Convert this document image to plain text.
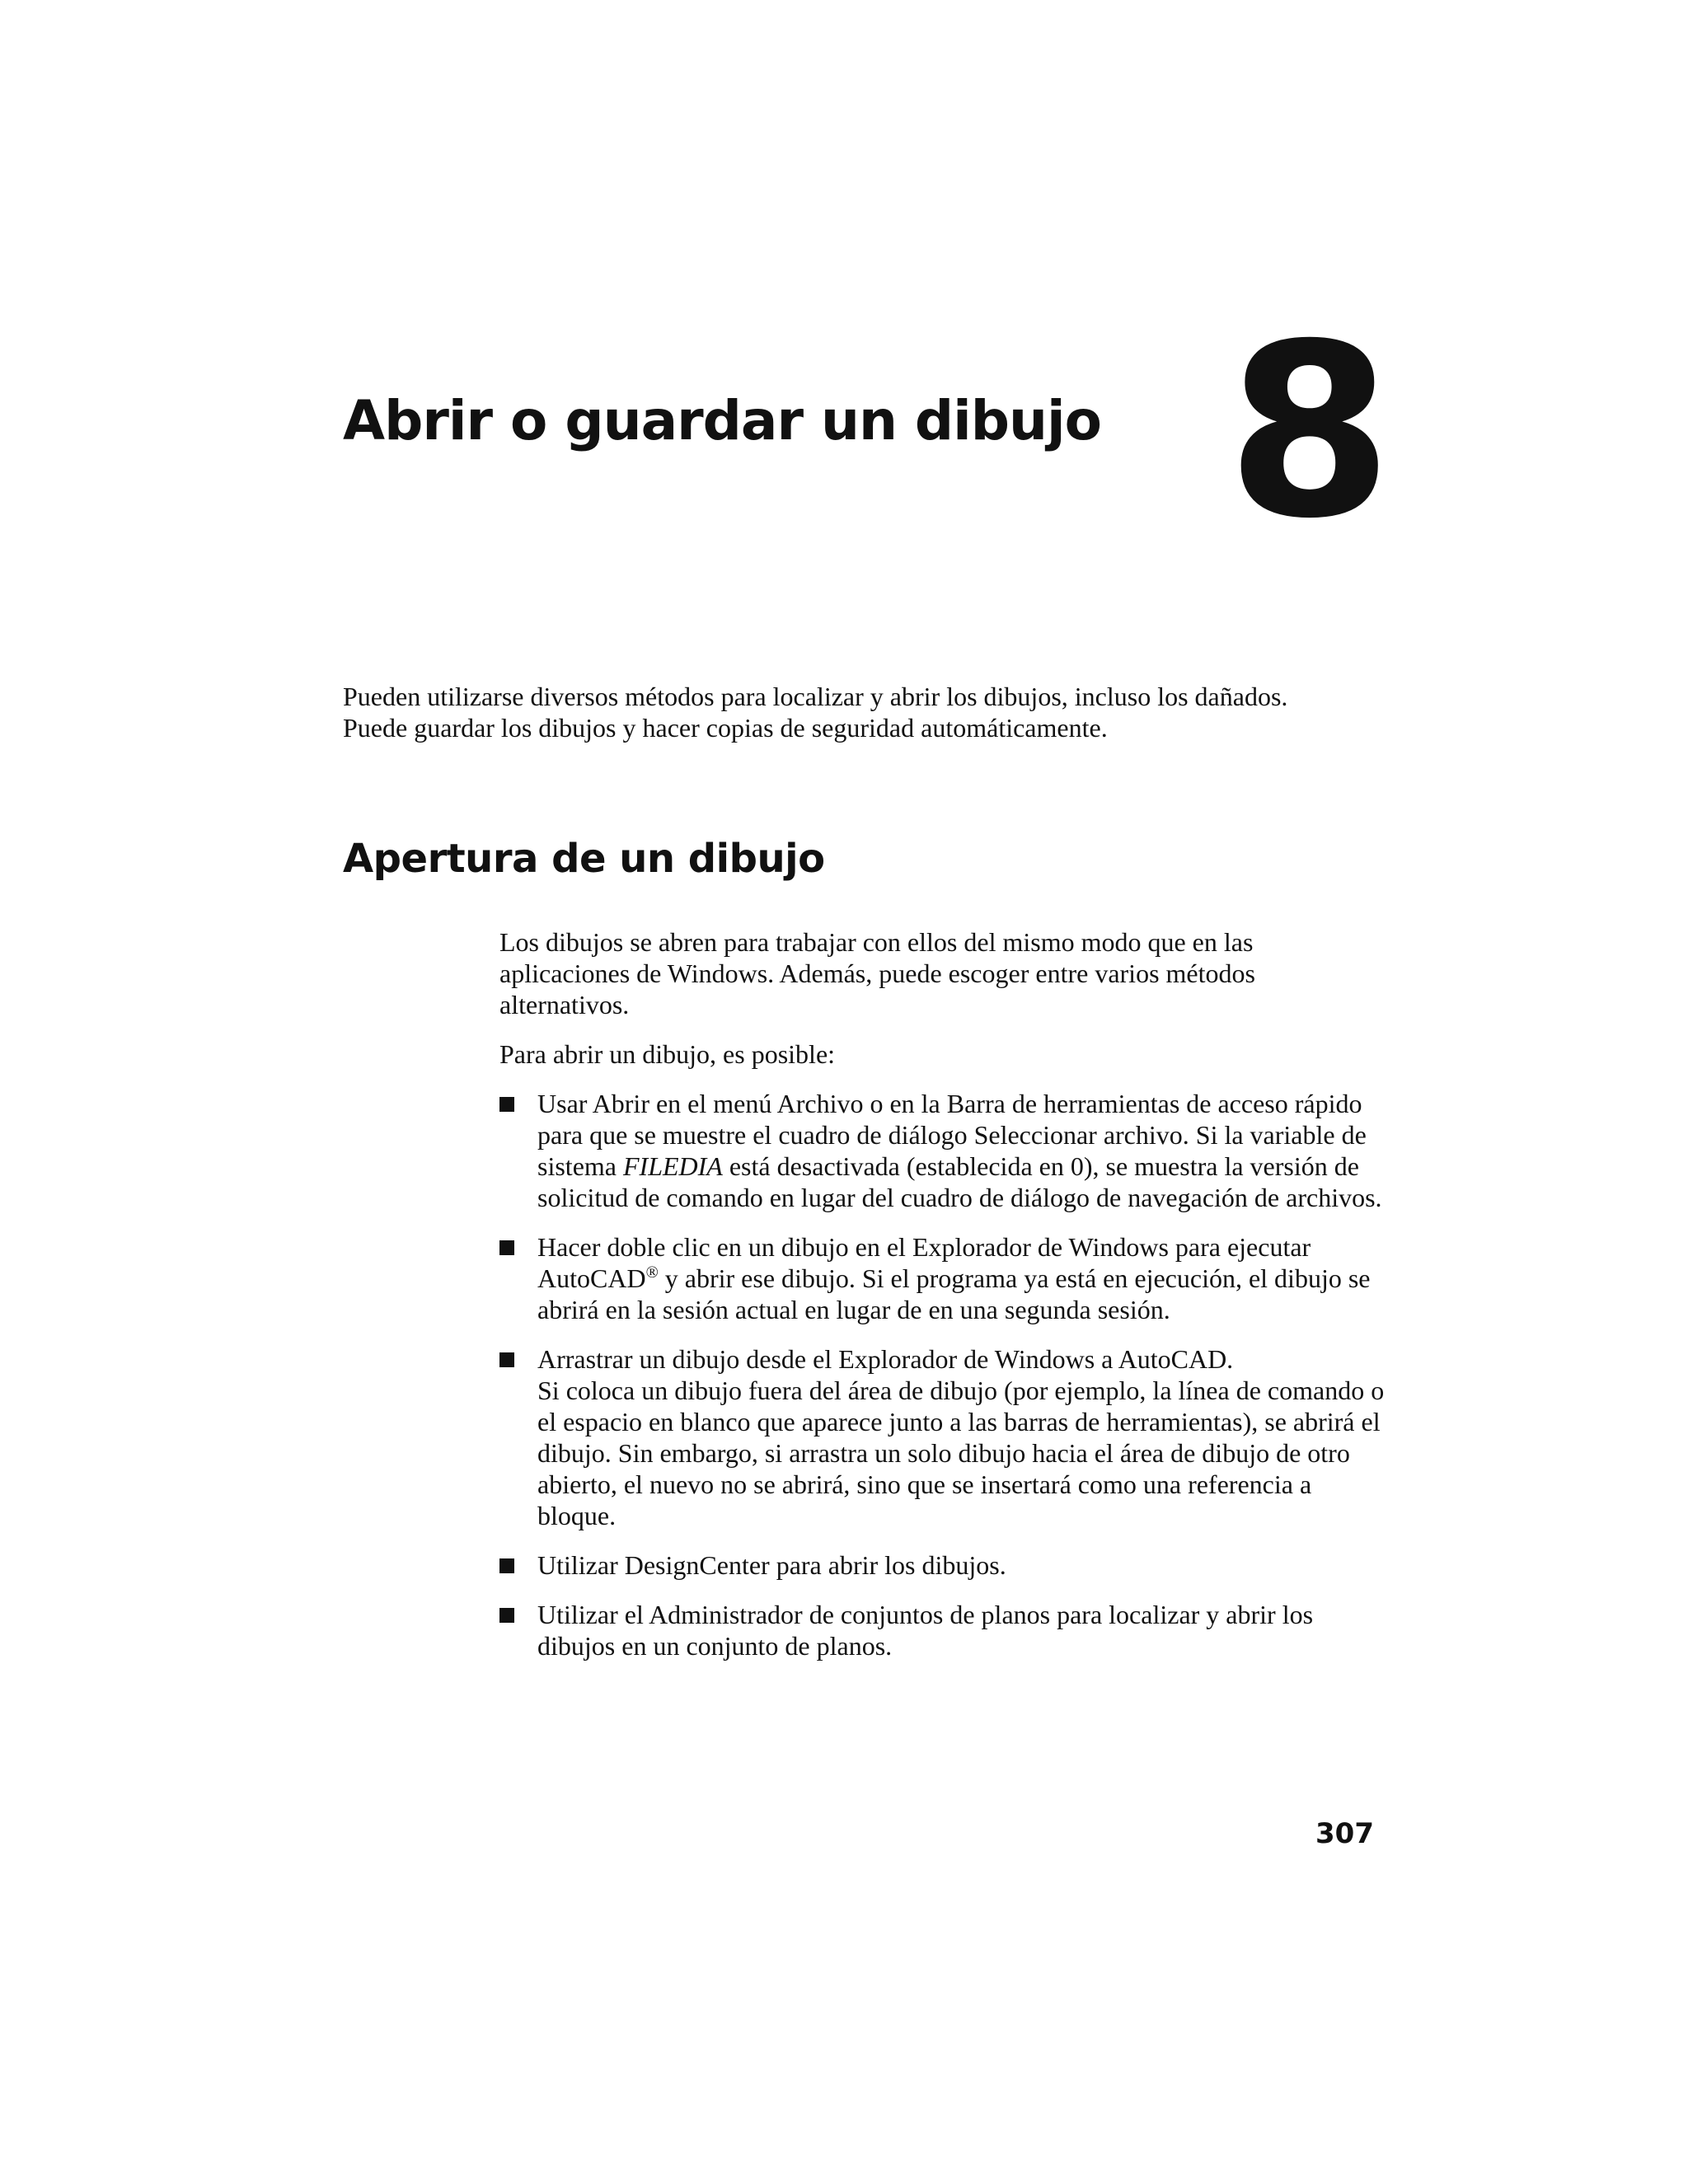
Abrir o guardar un dibujo 8

Pueden utilizarse diversos métodos para localizar y abrir los dibujos, incluso los dañados.
Puede guardar los dibujos y hacer copias de seguridad automáticamente.

Apertura de un dibujo

Los dibujos se abren para trabajar con ellos del mismo modo que en las aplicaciones de Windows. Además, puede escoger entre varios métodos alternativos.

Para abrir un dibujo, es posible:

Usar Abrir en el menú Archivo o en la Barra de herramientas de acceso rápido para que se muestre el cuadro de diálogo Seleccionar archivo. Si la variable de sistema FILEDIA está desactivada (establecida en 0), se muestra la versión de solicitud de comando en lugar del cuadro de diálogo de navegación de archivos.
Hacer doble clic en un dibujo en el Explorador de Windows para ejecutar AutoCAD® y abrir ese dibujo. Si el programa ya está en ejecución, el dibujo se abrirá en la sesión actual en lugar de en una segunda sesión.
Arrastrar un dibujo desde el Explorador de Windows a AutoCAD.
Si coloca un dibujo fuera del área de dibujo (por ejemplo, la línea de comando o el espacio en blanco que aparece junto a las barras de herramientas), se abrirá el dibujo. Sin embargo, si arrastra un solo dibujo hacia el área de dibujo de otro abierto, el nuevo no se abrirá, sino que se insertará como una referencia a bloque.
Utilizar DesignCenter para abrir los dibujos.
Utilizar el Administrador de conjuntos de planos para localizar y abrir los dibujos en un conjunto de planos.
307
